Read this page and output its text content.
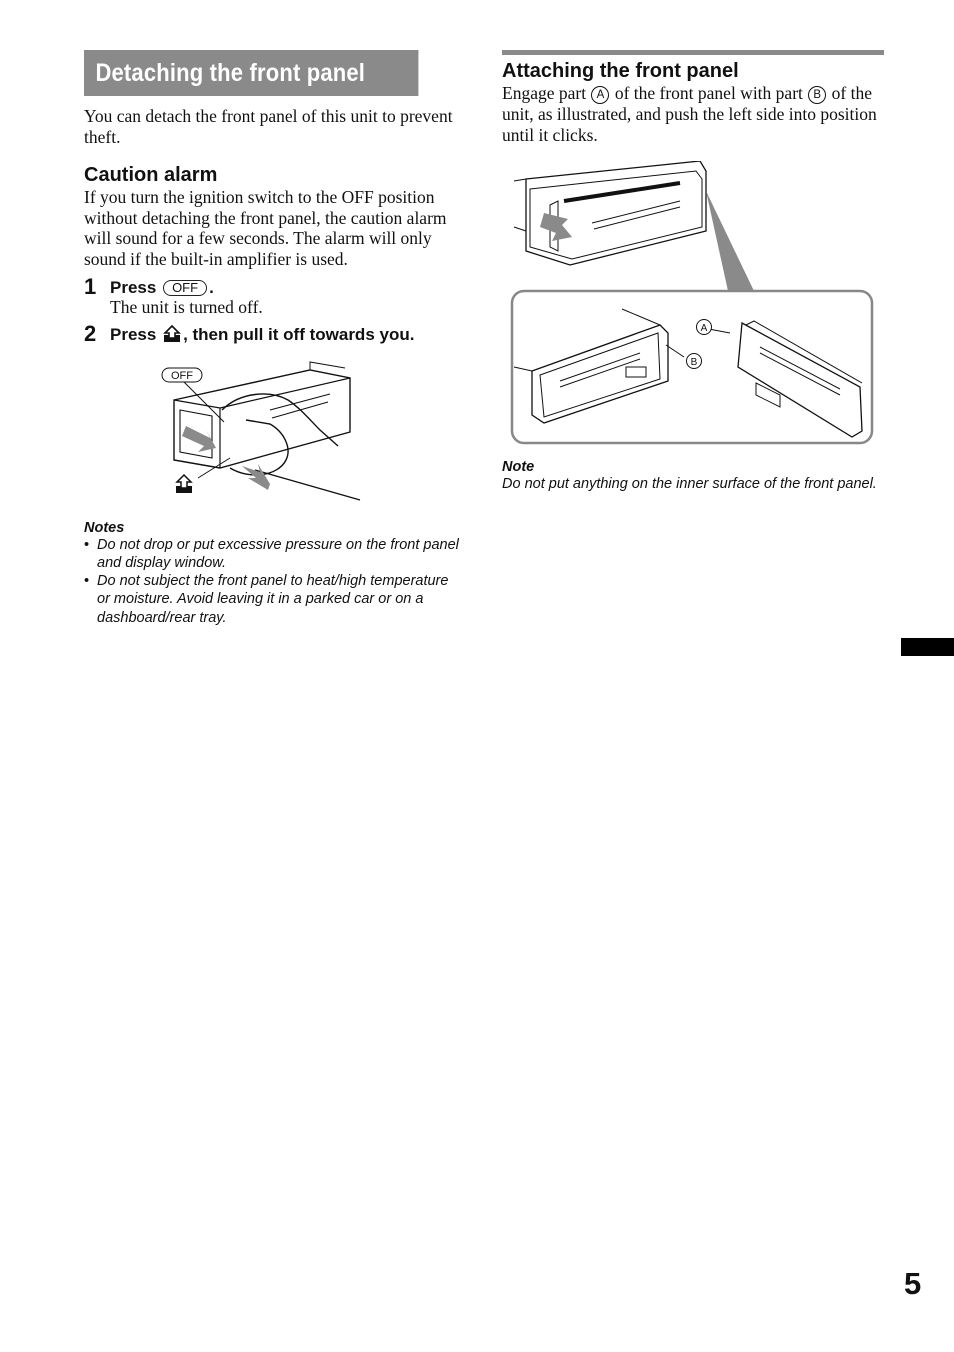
Detaching the front panel

You can detach the front panel of this unit to prevent theft.

Caution alarm

If you turn the ignition switch to the OFF position without detaching the front panel, the caution alarm will sound for a few seconds. The alarm will only sound if the built-in amplifier is used.

1 Press OFF .
The unit is turned off.
2 Press , then pull it off towards you.
OFF

Notes

• Do not drop or put excessive pressure on the front panel and display window.
• Do not subject the front panel to heat/high temperature or moisture. Avoid leaving it in a parked car or on a dashboard/rear tray.
Attaching the front panel

Engage part A of the front panel with part B of the unit, as illustrated, and push the left side into position until it clicks.

A
B

Note

Do not put anything on the inner surface of the front panel.

5
